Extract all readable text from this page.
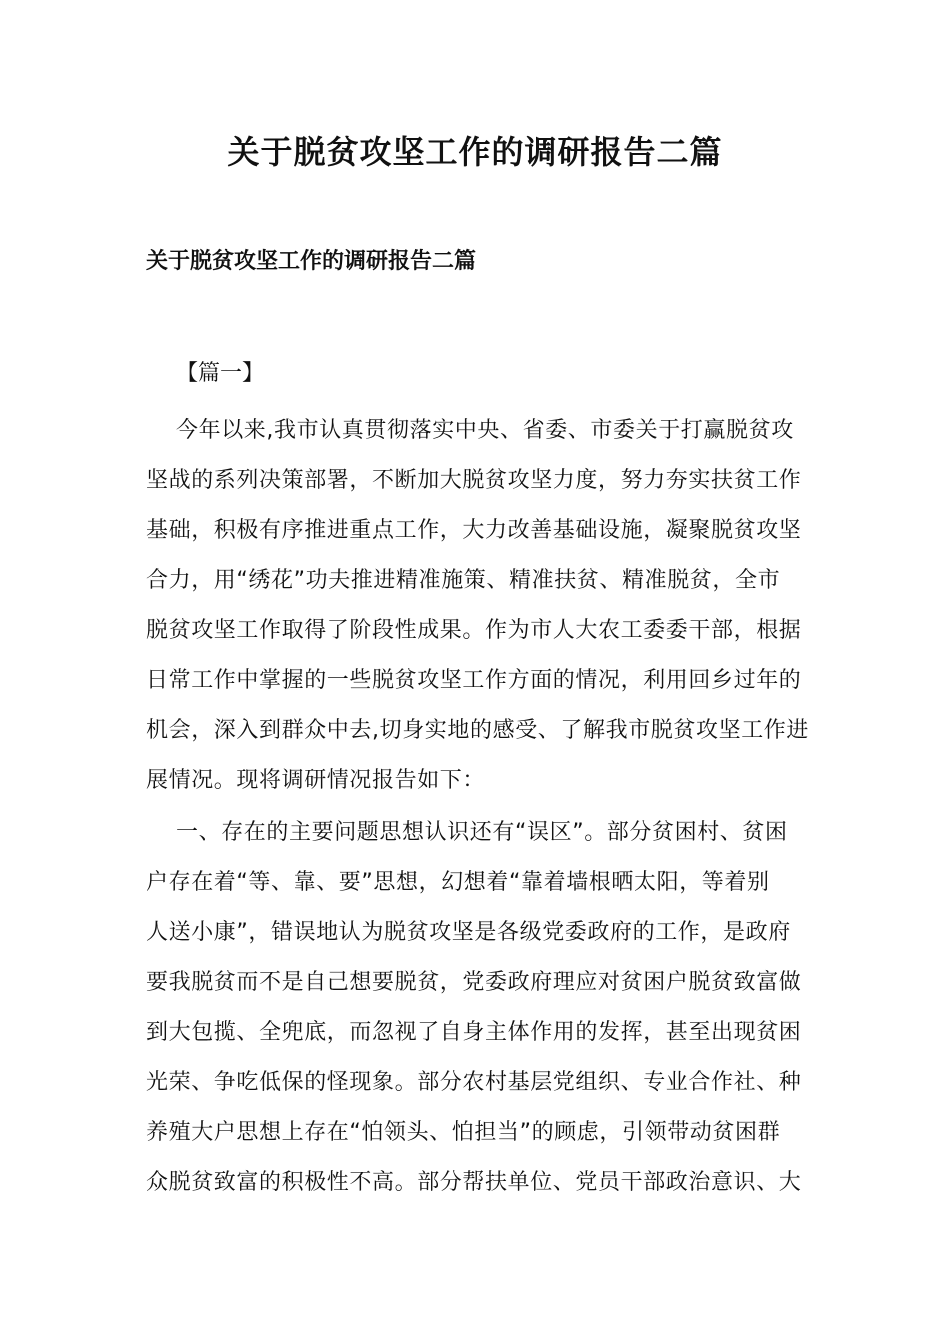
关于脱贫攻坚工作的调研报告二篇
关于脱贫攻坚工作的调研报告二篇
【篇一】
今年以来,我市认真贯彻落实中央、省委、市委关于打赢脱贫攻
坚战的系列决策部署，不断加大脱贫攻坚力度，努力夯实扶贫工作
基础，积极有序推进重点工作，大力改善基础设施，凝聚脱贫攻坚
合力，用“绣花”功夫推进精准施策、精准扶贫、精准脱贫，全市
脱贫攻坚工作取得了阶段性成果。作为市人大农工委委干部，根据
日常工作中掌握的一些脱贫攻坚工作方面的情况，利用回乡过年的
机会，深入到群众中去,切身实地的感受、了解我市脱贫攻坚工作进
展情况。现将调研情况报告如下：
一、存在的主要问题思想认识还有“误区”。部分贫困村、贫困
户存在着“等、靠、要”思想，幻想着“靠着墙根晒太阳，等着别
人送小康”，错误地认为脱贫攻坚是各级党委政府的工作，是政府
要我脱贫而不是自己想要脱贫，党委政府理应对贫困户脱贫致富做
到大包揽、全兜底，而忽视了自身主体作用的发挥，甚至出现贫困
光荣、争吃低保的怪现象。部分农村基层党组织、专业合作社、种
养殖大户思想上存在“怕领头、怕担当”的顾虑，引领带动贫困群
众脱贫致富的积极性不高。部分帮扶单位、党员干部政治意识、大
